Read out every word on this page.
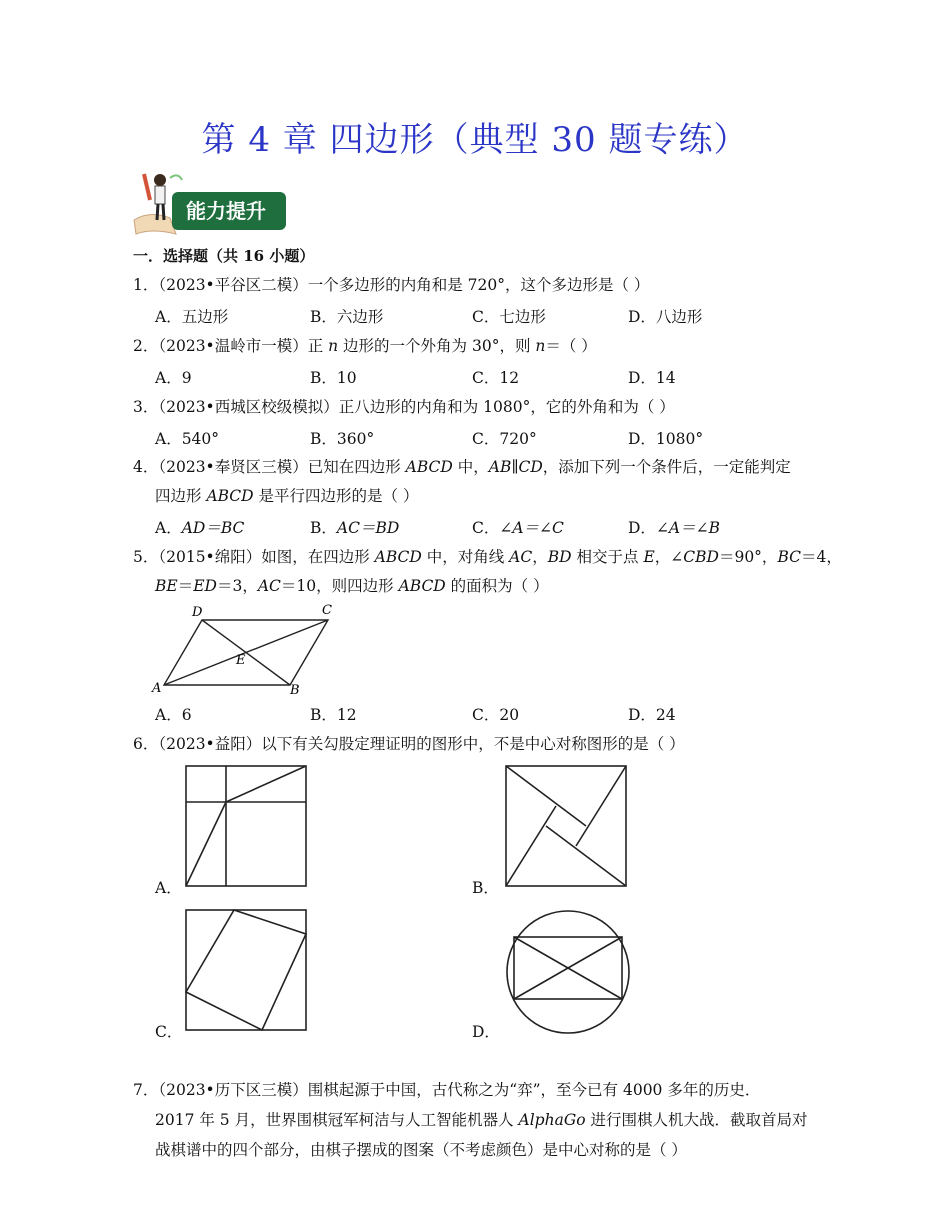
第 4 章 四边形（典型 30 题专练）
能力提升
一．选择题（共 16 小题）
1．（2023•平谷区二模）一个多边形的内角和是 720°，这个多边形是（ ）
A．五边形	B．六边形	C．七边形	D．八边形
2．（2023•温岭市一模）正 n 边形的一个外角为 30°，则 n＝（ ）
A．9	B．10	C．12	D．14
3．（2023•西城区校级模拟）正八边形的内角和为 1080°，它的外角和为（ ）
A．540°	B．360°	C．720°	D．1080°
4．（2023•奉贤区三模）已知在四边形 ABCD 中，AB∥CD，添加下列一个条件后，一定能判定
四边形 ABCD 是平行四边形的是（ ）
A．AD＝BC	B．AC＝BD	C．∠A＝∠C	D．∠A＝∠B
5．（2015•绵阳）如图，在四边形 ABCD 中，对角线 AC，BD 相交于点 E，∠CBD＝90°，BC＝4，
BE＝ED＝3，AC＝10，则四边形 ABCD 的面积为（ ）
D	C
E
A	B
A．6	B．12	C．20	D．24
6．（2023•益阳）以下有关勾股定理证明的图形中，不是中心对称图形的是（ ）
A．	B．
C．	D．
7．（2023•历下区三模）围棋起源于中国，古代称之为“弈”，至今已有 4000 多年的历史．
2017 年 5 月，世界围棋冠军柯洁与人工智能机器人 AlphaGo 进行围棋人机大战．截取首局对
战棋谱中的四个部分，由棋子摆成的图案（不考虑颜色）是中心对称的是（ ）
